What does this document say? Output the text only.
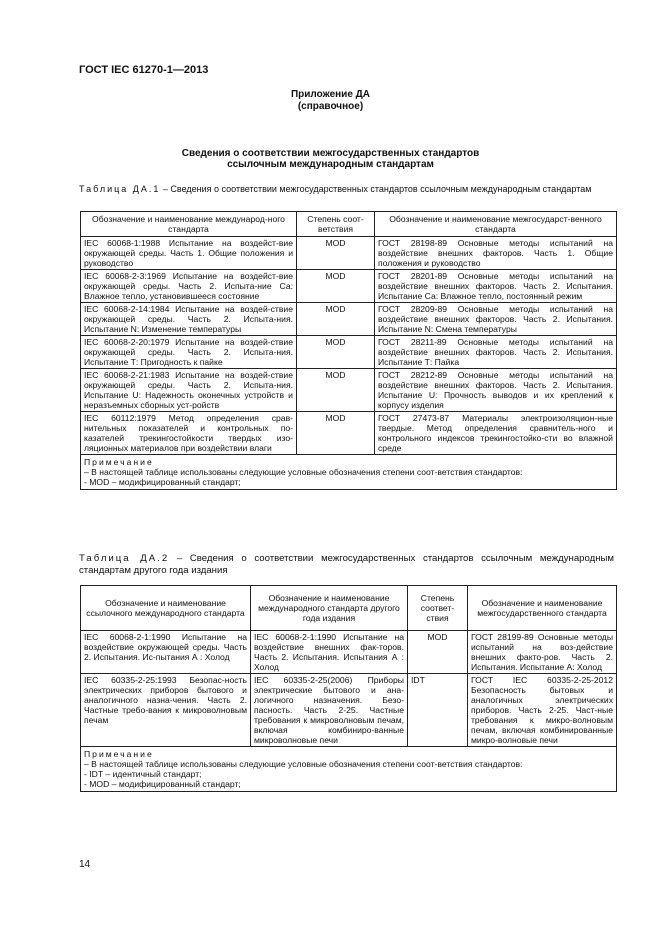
ГОСТ IEC 61270-1—2013
Приложение ДА
(справочное)
Сведения о соответствии межгосударственных стандартов
ссылочным международным стандартам
Таблица ДА.1 – Сведения о соответствии межгосударственных стандартов ссылочным международным стандартам
Обозначение и наименование международ-ного стандарта	Степень соот-ветствия	Обозначение и наименование межгосударст-венного стандарта
IEC 60068-1:1988 Испытание на воздейст-вие окружающей среды. Часть 1. Общие положения и руководство	MOD	ГОСТ 28198-89 Основные методы испытаний на воздействие внешних факторов. Часть 1. Общие положения и руководство
IEC 60068-2-3:1969 Испытание на воздейст-вие окружающей среды. Часть 2. Испыта-ние Са: Влажное тепло, установившееся состояние	MOD	ГОСТ 28201-89 Основные методы испытаний на воздействие внешних факторов. Часть 2. Испытания. Испытание Са: Влажное тепло, постоянный режим
IEC 60068-2-14:1984 Испытание на воздей-ствие окружающей среды. Часть 2. Испыта-ния. Испытание N: Изменение температуры	MOD	ГОСТ 28209-89 Основные методы испытаний на воздействие внешних факторов. Часть 2. Испытания. Испытание N: Смена температуры
IEC 60068-2-20:1979 Испытание на воздей-ствие окружающей среды. Часть 2. Испыта-ния. Испытание Т: Пригодность к пайке	MOD	ГОСТ 28211-89 Основные методы испытаний на воздействие внешних факторов. Часть 2. Испытания. Испытание Т: Пайка
IEC 60068-2-21:1983 Испытание на воздей-ствие окружающей среды. Часть 2. Испыта-ния. Испытание U: Надежность оконечных устройств и неразъемных сборных уст-ройств	MOD	ГОСТ 28212-89 Основные методы испытаний на воздействие внешних факторов. Часть 2. Испытания. Испытание U: Прочность выводов и их креплений к корпусу изделия
IEC 60112:1979 Метод определения срав-нительных показателей и контрольных по-казателей трекингостойкости твердых изо-ляционных материалов при воздействии влаги	MOD	ГОСТ 27473-87 Материалы электроизоляцион-ные твердые. Метод определения сравнитель-ного и контрольного индексов трекингостойко-сти во влажной среде

Примечание
– В настоящей таблице использованы следующие условные обозначения степени соот-ветствия стандартов:
- MOD – модифицированный стандарт;		
Таблица ДА.2 – Сведения о соответствии межгосударственных стандартов ссылочным международным стандартам другого года издания
Обозначение и наименование ссылочного международного стандарта	Обозначение и наименование международного стандарта другого года издания	Степень соответ-ствия	Обозначение и наименование межгосударственного стандарта
IEC 60068-2-1:1990 Испытание на воздействие окружающей среды. Часть 2. Испытания. Ис-пытания А : Холод	IEC 60068-2-1:1990 Испытание на воздействие внешних фак-торов. Часть 2. Испытания. Испытания А : Холод	MOD	ГОСТ 28199-89 Основные методы испытаний на воз-действие внешних факто-ров. Часть 2. Испытания. Испытание А: Холод
IEC 60335-2-25:1993 Безопас-ность электрических приборов бытового и аналогичного назна-чения. Часть 2. Частные требо-вания к микроволновым печам	IEC 60335-2-25(2006) Приборы электрические бытового и ана-логичного назначения. Безо-пасность. Часть 2-25. Частные требования к микроволновым печам, включая комбиниро-ванные микроволновые печи	IDT	ГОСТ IEC 60335-2-25-2012 Безопасность бытовых и аналогичных электрических приборов. Часть 2-25. Част-ные требования к микро-волновым печам, включая комбинированные микро-волновые печи

Примечание
– В настоящей таблице использованы следующие условные обозначения степени соот-ветствия стандартов:
- IDT – идентичный стандарт;
- MOD – модифицированный стандарт;			
14
